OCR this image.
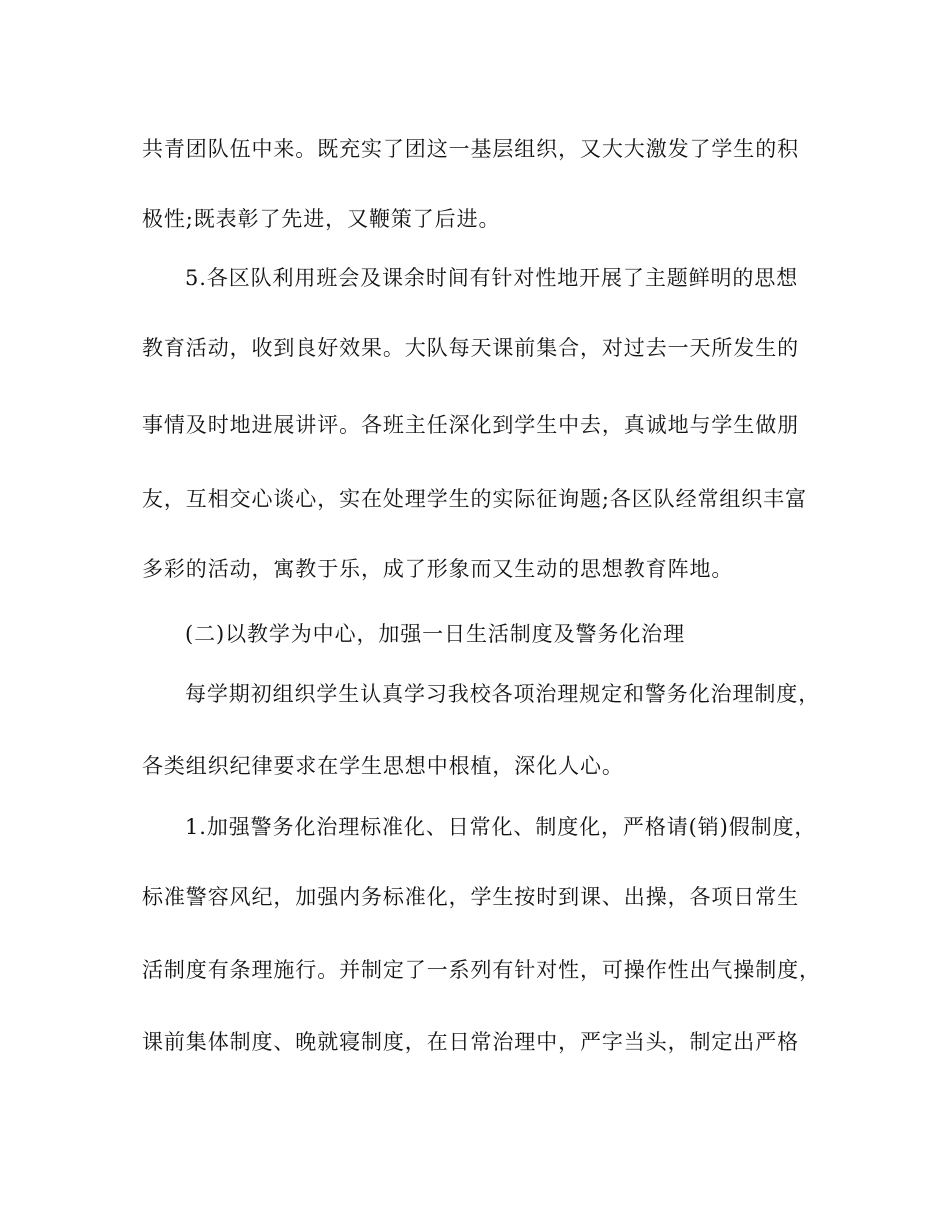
共青团队伍中来。既充实了团这一基层组织，又大大激发了学生的积
极性;既表彰了先进，又鞭策了后进。
5.各区队利用班会及课余时间有针对性地开展了主题鲜明的思想
教育活动，收到良好效果。大队每天课前集合，对过去一天所发生的
事情及时地进展讲评。各班主任深化到学生中去，真诚地与学生做朋
友，互相交心谈心，实在处理学生的实际征询题;各区队经常组织丰富
多彩的活动，寓教于乐，成了形象而又生动的思想教育阵地。
(二)以教学为中心，加强一日生活制度及警务化治理
每学期初组织学生认真学习我校各项治理规定和警务化治理制度，
各类组织纪律要求在学生思想中根植，深化人心。
1.加强警务化治理标准化、日常化、制度化，严格请(销)假制度，
标准警容风纪，加强内务标准化，学生按时到课、出操，各项日常生
活制度有条理施行。并制定了一系列有针对性，可操作性出气操制度，
课前集体制度、晚就寝制度，在日常治理中，严字当头，制定出严格
